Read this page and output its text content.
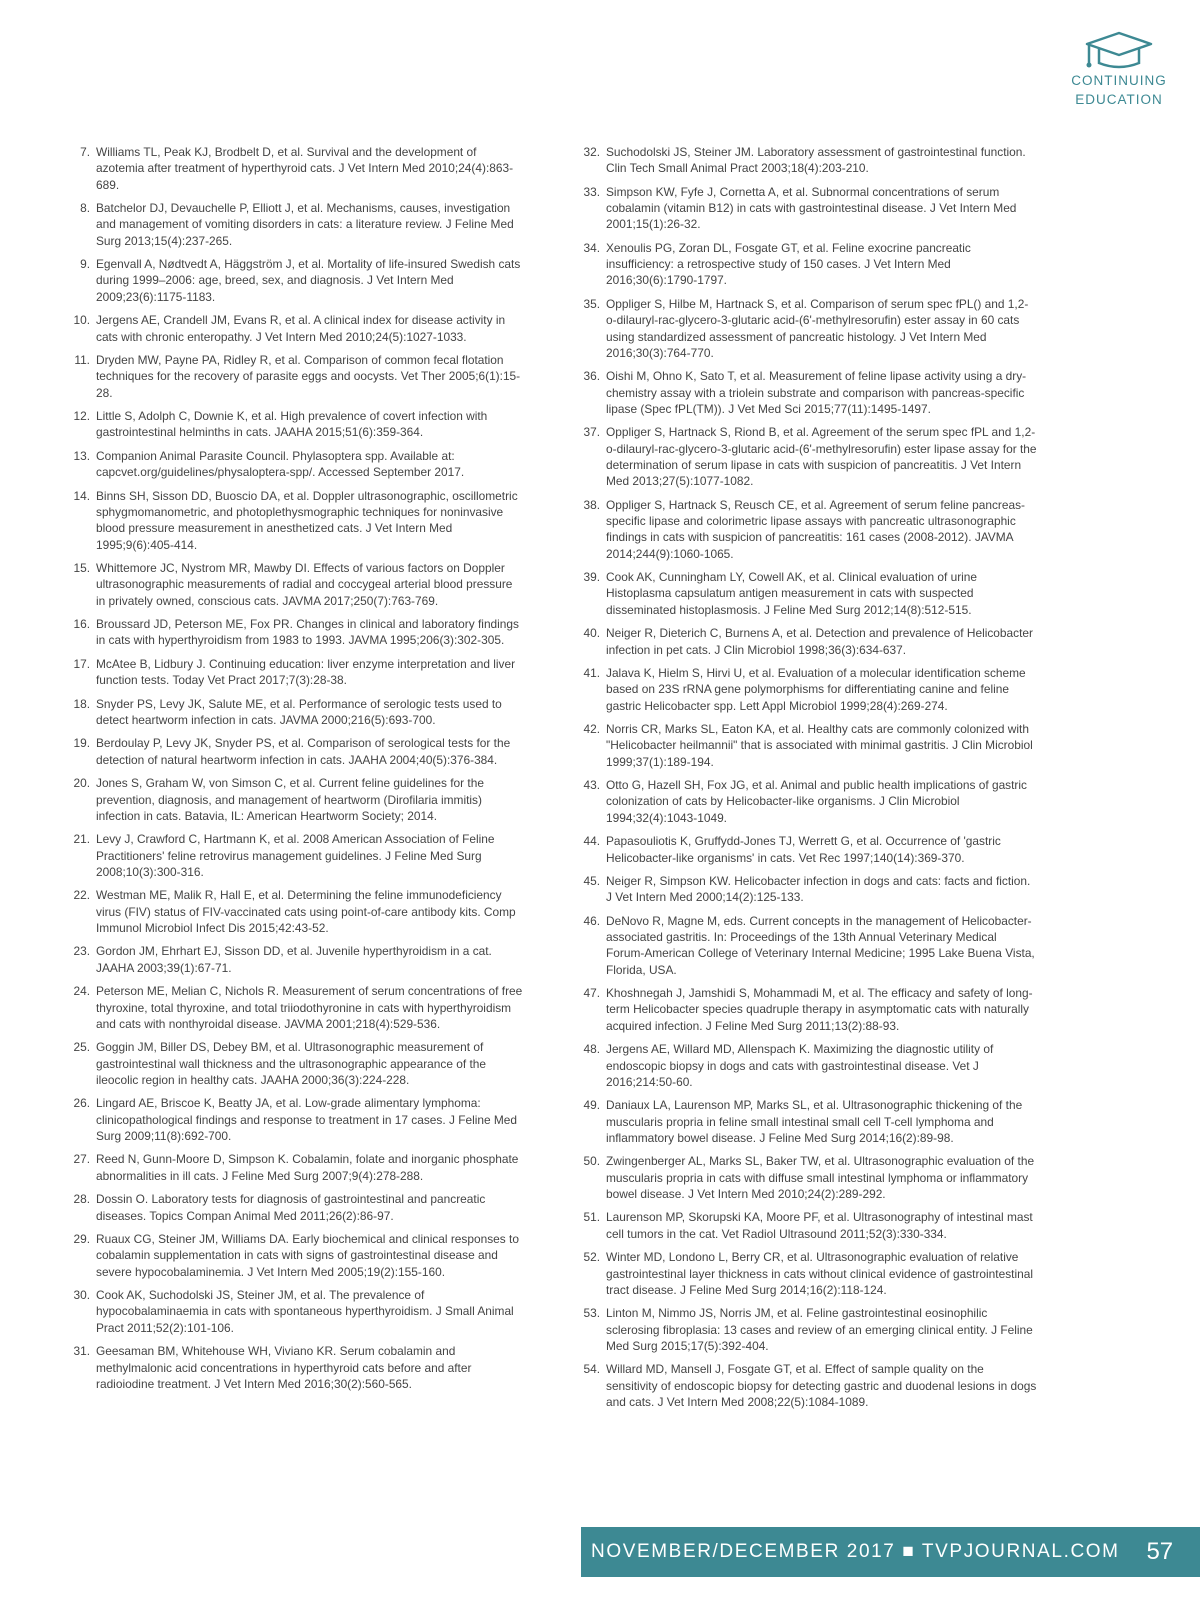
CONTINUING
EDUCATION
7. Williams TL, Peak KJ, Brodbelt D, et al. Survival and the development of azotemia after treatment of hyperthyroid cats. J Vet Intern Med 2010;24(4):863-689.
8. Batchelor DJ, Devauchelle P, Elliott J, et al. Mechanisms, causes, investigation and management of vomiting disorders in cats: a literature review. J Feline Med Surg 2013;15(4):237-265.
9. Egenvall A, Nødtvedt A, Häggström J, et al. Mortality of life-insured Swedish cats during 1999–2006: age, breed, sex, and diagnosis. J Vet Intern Med 2009;23(6):1175-1183.
10. Jergens AE, Crandell JM, Evans R, et al. A clinical index for disease activity in cats with chronic enteropathy. J Vet Intern Med 2010;24(5):1027-1033.
11. Dryden MW, Payne PA, Ridley R, et al. Comparison of common fecal flotation techniques for the recovery of parasite eggs and oocysts. Vet Ther 2005;6(1):15-28.
12. Little S, Adolph C, Downie K, et al. High prevalence of covert infection with gastrointestinal helminths in cats. JAAHA 2015;51(6):359-364.
13. Companion Animal Parasite Council. Phylasoptera spp. Available at: capcvet.org/guidelines/physaloptera-spp/. Accessed September 2017.
14. Binns SH, Sisson DD, Buoscio DA, et al. Doppler ultrasonographic, oscillometric sphygmomanometric, and photoplethysmographic techniques for noninvasive blood pressure measurement in anesthetized cats. J Vet Intern Med 1995;9(6):405-414.
15. Whittemore JC, Nystrom MR, Mawby DI. Effects of various factors on Doppler ultrasonographic measurements of radial and coccygeal arterial blood pressure in privately owned, conscious cats. JAVMA 2017;250(7):763-769.
16. Broussard JD, Peterson ME, Fox PR. Changes in clinical and laboratory findings in cats with hyperthyroidism from 1983 to 1993. JAVMA 1995;206(3):302-305.
17. McAtee B, Lidbury J. Continuing education: liver enzyme interpretation and liver function tests. Today Vet Pract 2017;7(3):28-38.
18. Snyder PS, Levy JK, Salute ME, et al. Performance of serologic tests used to detect heartworm infection in cats. JAVMA 2000;216(5):693-700.
19. Berdoulay P, Levy JK, Snyder PS, et al. Comparison of serological tests for the detection of natural heartworm infection in cats. JAAHA 2004;40(5):376-384.
20. Jones S, Graham W, von Simson C, et al. Current feline guidelines for the prevention, diagnosis, and management of heartworm (Dirofilaria immitis) infection in cats. Batavia, IL: American Heartworm Society; 2014.
21. Levy J, Crawford C, Hartmann K, et al. 2008 American Association of Feline Practitioners' feline retrovirus management guidelines. J Feline Med Surg 2008;10(3):300-316.
22. Westman ME, Malik R, Hall E, et al. Determining the feline immunodeficiency virus (FIV) status of FIV-vaccinated cats using point-of-care antibody kits. Comp Immunol Microbiol Infect Dis 2015;42:43-52.
23. Gordon JM, Ehrhart EJ, Sisson DD, et al. Juvenile hyperthyroidism in a cat. JAAHA 2003;39(1):67-71.
24. Peterson ME, Melian C, Nichols R. Measurement of serum concentrations of free thyroxine, total thyroxine, and total triiodothyronine in cats with hyperthyroidism and cats with nonthyroidal disease. JAVMA 2001;218(4):529-536.
25. Goggin JM, Biller DS, Debey BM, et al. Ultrasonographic measurement of gastrointestinal wall thickness and the ultrasonographic appearance of the ileocolic region in healthy cats. JAAHA 2000;36(3):224-228.
26. Lingard AE, Briscoe K, Beatty JA, et al. Low-grade alimentary lymphoma: clinicopathological findings and response to treatment in 17 cases. J Feline Med Surg 2009;11(8):692-700.
27. Reed N, Gunn-Moore D, Simpson K. Cobalamin, folate and inorganic phosphate abnormalities in ill cats. J Feline Med Surg 2007;9(4):278-288.
28. Dossin O. Laboratory tests for diagnosis of gastrointestinal and pancreatic diseases. Topics Compan Animal Med 2011;26(2):86-97.
29. Ruaux CG, Steiner JM, Williams DA. Early biochemical and clinical responses to cobalamin supplementation in cats with signs of gastrointestinal disease and severe hypocobalaminemia. J Vet Intern Med 2005;19(2):155-160.
30. Cook AK, Suchodolski JS, Steiner JM, et al. The prevalence of hypocobalaminaemia in cats with spontaneous hyperthyroidism. J Small Animal Pract 2011;52(2):101-106.
31. Geesaman BM, Whitehouse WH, Viviano KR. Serum cobalamin and methylmalonic acid concentrations in hyperthyroid cats before and after radioiodine treatment. J Vet Intern Med 2016;30(2):560-565.
32. Suchodolski JS, Steiner JM. Laboratory assessment of gastrointestinal function. Clin Tech Small Animal Pract 2003;18(4):203-210.
33. Simpson KW, Fyfe J, Cornetta A, et al. Subnormal concentrations of serum cobalamin (vitamin B12) in cats with gastrointestinal disease. J Vet Intern Med 2001;15(1):26-32.
34. Xenoulis PG, Zoran DL, Fosgate GT, et al. Feline exocrine pancreatic insufficiency: a retrospective study of 150 cases. J Vet Intern Med 2016;30(6):1790-1797.
35. Oppliger S, Hilbe M, Hartnack S, et al. Comparison of serum spec fPL() and 1,2-o-dilauryl-rac-glycero-3-glutaric acid-(6'-methylresorufin) ester assay in 60 cats using standardized assessment of pancreatic histology. J Vet Intern Med 2016;30(3):764-770.
36. Oishi M, Ohno K, Sato T, et al. Measurement of feline lipase activity using a dry-chemistry assay with a triolein substrate and comparison with pancreas-specific lipase (Spec fPL(TM)). J Vet Med Sci 2015;77(11):1495-1497.
37. Oppliger S, Hartnack S, Riond B, et al. Agreement of the serum spec fPL and 1,2-o-dilauryl-rac-glycero-3-glutaric acid-(6'-methylresorufin) ester lipase assay for the determination of serum lipase in cats with suspicion of pancreatitis. J Vet Intern Med 2013;27(5):1077-1082.
38. Oppliger S, Hartnack S, Reusch CE, et al. Agreement of serum feline pancreas-specific lipase and colorimetric lipase assays with pancreatic ultrasonographic findings in cats with suspicion of pancreatitis: 161 cases (2008-2012). JAVMA 2014;244(9):1060-1065.
39. Cook AK, Cunningham LY, Cowell AK, et al. Clinical evaluation of urine Histoplasma capsulatum antigen measurement in cats with suspected disseminated histoplasmosis. J Feline Med Surg 2012;14(8):512-515.
40. Neiger R, Dieterich C, Burnens A, et al. Detection and prevalence of Helicobacter infection in pet cats. J Clin Microbiol 1998;36(3):634-637.
41. Jalava K, Hielm S, Hirvi U, et al. Evaluation of a molecular identification scheme based on 23S rRNA gene polymorphisms for differentiating canine and feline gastric Helicobacter spp. Lett Appl Microbiol 1999;28(4):269-274.
42. Norris CR, Marks SL, Eaton KA, et al. Healthy cats are commonly colonized with "Helicobacter heilmannii" that is associated with minimal gastritis. J Clin Microbiol 1999;37(1):189-194.
43. Otto G, Hazell SH, Fox JG, et al. Animal and public health implications of gastric colonization of cats by Helicobacter-like organisms. J Clin Microbiol 1994;32(4):1043-1049.
44. Papasouliotis K, Gruffydd-Jones TJ, Werrett G, et al. Occurrence of 'gastric Helicobacter-like organisms' in cats. Vet Rec 1997;140(14):369-370.
45. Neiger R, Simpson KW. Helicobacter infection in dogs and cats: facts and fiction. J Vet Intern Med 2000;14(2):125-133.
46. DeNovo R, Magne M, eds. Current concepts in the management of Helicobacter-associated gastritis. In: Proceedings of the 13th Annual Veterinary Medical Forum-American College of Veterinary Internal Medicine; 1995 Lake Buena Vista, Florida, USA.
47. Khoshnegah J, Jamshidi S, Mohammadi M, et al. The efficacy and safety of long-term Helicobacter species quadruple therapy in asymptomatic cats with naturally acquired infection. J Feline Med Surg 2011;13(2):88-93.
48. Jergens AE, Willard MD, Allenspach K. Maximizing the diagnostic utility of endoscopic biopsy in dogs and cats with gastrointestinal disease. Vet J 2016;214:50-60.
49. Daniaux LA, Laurenson MP, Marks SL, et al. Ultrasonographic thickening of the muscularis propria in feline small intestinal small cell T-cell lymphoma and inflammatory bowel disease. J Feline Med Surg 2014;16(2):89-98.
50. Zwingenberger AL, Marks SL, Baker TW, et al. Ultrasonographic evaluation of the muscularis propria in cats with diffuse small intestinal lymphoma or inflammatory bowel disease. J Vet Intern Med 2010;24(2):289-292.
51. Laurenson MP, Skorupski KA, Moore PF, et al. Ultrasonography of intestinal mast cell tumors in the cat. Vet Radiol Ultrasound 2011;52(3):330-334.
52. Winter MD, Londono L, Berry CR, et al. Ultrasonographic evaluation of relative gastrointestinal layer thickness in cats without clinical evidence of gastrointestinal tract disease. J Feline Med Surg 2014;16(2):118-124.
53. Linton M, Nimmo JS, Norris JM, et al. Feline gastrointestinal eosinophilic sclerosing fibroplasia: 13 cases and review of an emerging clinical entity. J Feline Med Surg 2015;17(5):392-404.
54. Willard MD, Mansell J, Fosgate GT, et al. Effect of sample quality on the sensitivity of endoscopic biopsy for detecting gastric and duodenal lesions in dogs and cats. J Vet Intern Med 2008;22(5):1084-1089.
NOVEMBER/DECEMBER 2017 ■ TVPJOURNAL.COM	57
